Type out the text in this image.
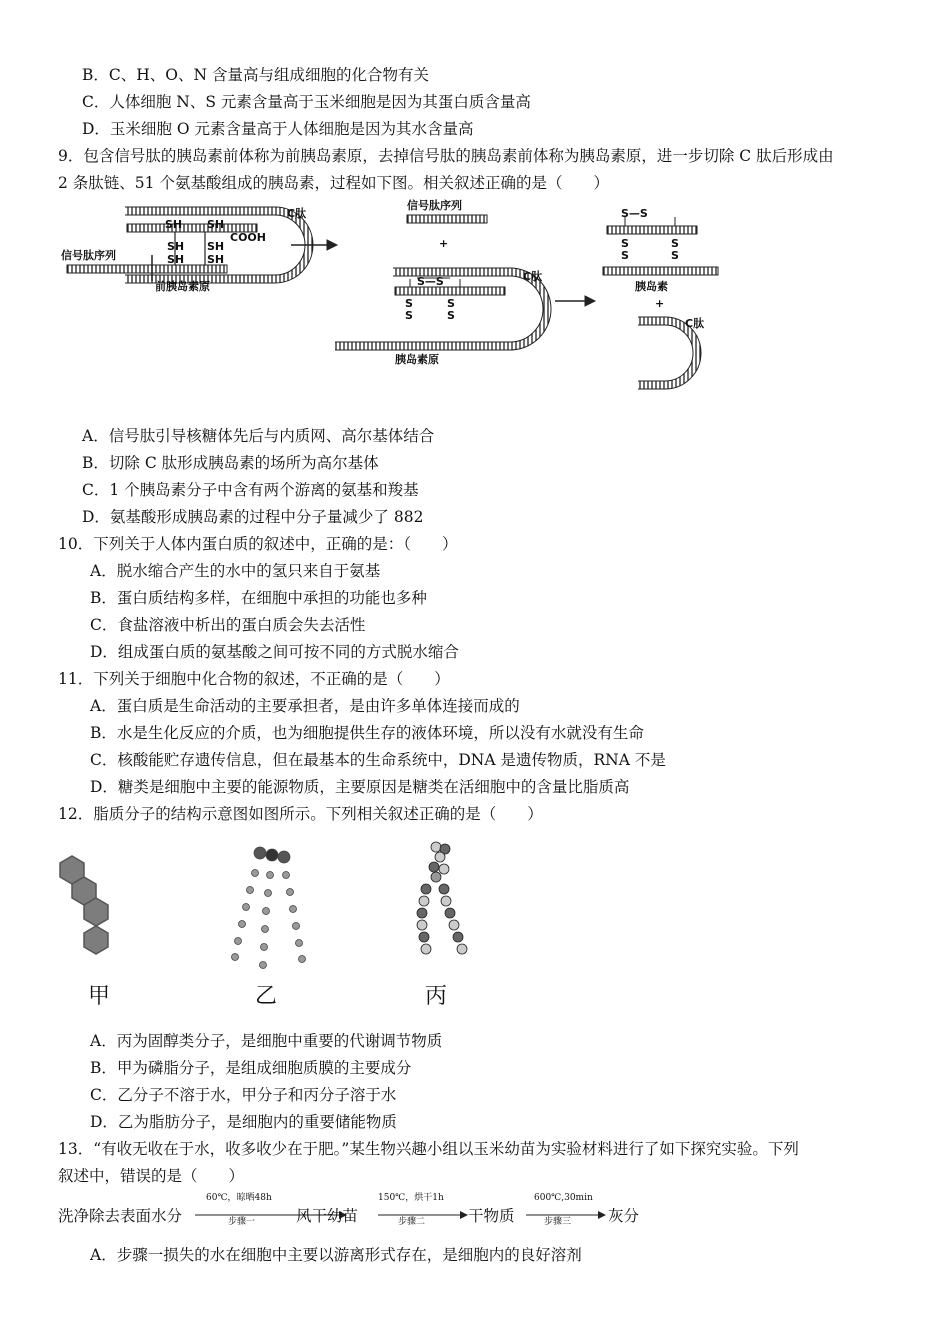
B．C、H、O、N 含量高与组成细胞的化合物有关
C．人体细胞 N、S 元素含量高于玉米细胞是因为其蛋白质含量高
D．玉米细胞 O 元素含量高于人体细胞是因为其水含量高
9．包含信号肽的胰岛素前体称为前胰岛素原，去掉信号肽的胰岛素前体称为胰岛素原，进一步切除 C 肽后形成由
2 条肽链、51 个氨基酸组成的胰岛素，过程如下图。相关叙述正确的是（　　）
C肽
SH SH
SH SH
SH SH
COOH
信号肽序列
前胰岛素原
信号肽序列
+
S—S
S
S
S
S
C肽
胰岛素原
S—S
S
S
S
S
胰岛素
+
C肽
A．信号肽引导核糖体先后与内质网、高尔基体结合
B．切除 C 肽形成胰岛素的场所为高尔基体
C．1 个胰岛素分子中含有两个游离的氨基和羧基
D．氨基酸形成胰岛素的过程中分子量减少了 882
10．下列关于人体内蛋白质的叙述中，正确的是：（　　）
A．脱水缩合产生的水中的氢只来自于氨基
B．蛋白质结构多样，在细胞中承担的功能也多种
C．食盐溶液中析出的蛋白质会失去活性
D．组成蛋白质的氨基酸之间可按不同的方式脱水缩合
11．下列关于细胞中化合物的叙述，不正确的是（　　）
A．蛋白质是生命活动的主要承担者，是由许多单体连接而成的
B．水是生化反应的介质，也为细胞提供生存的液体环境，所以没有水就没有生命
C．核酸能贮存遗传信息，但在最基本的生命系统中，DNA 是遗传物质，RNA 不是
D．糖类是细胞中主要的能源物质，主要原因是糖类在活细胞中的含量比脂质高
12．脂质分子的结构示意图如图所示。下列相关叙述正确的是（　　）
甲	乙	丙
A．丙为固醇类分子，是细胞中重要的代谢调节物质
B．甲为磷脂分子，是组成细胞质膜的主要成分
C．乙分子不溶于水，甲分子和丙分子溶于水
D．乙为脂肪分子，是细胞内的重要储能物质
13．“有收无收在于水，收多收少在于肥。”某生物兴趣小组以玉米幼苗为实验材料进行了如下探究实验。下列
叙述中，错误的是（　　）
洗净除去表面水分
60℃，晾晒48h
步骤一	风干幼苗
150℃，烘干1h
步骤二	干物质
600℃,30min
步骤三 灰分
A．步骤一损失的水在细胞中主要以游离形式存在，是细胞内的良好溶剂
